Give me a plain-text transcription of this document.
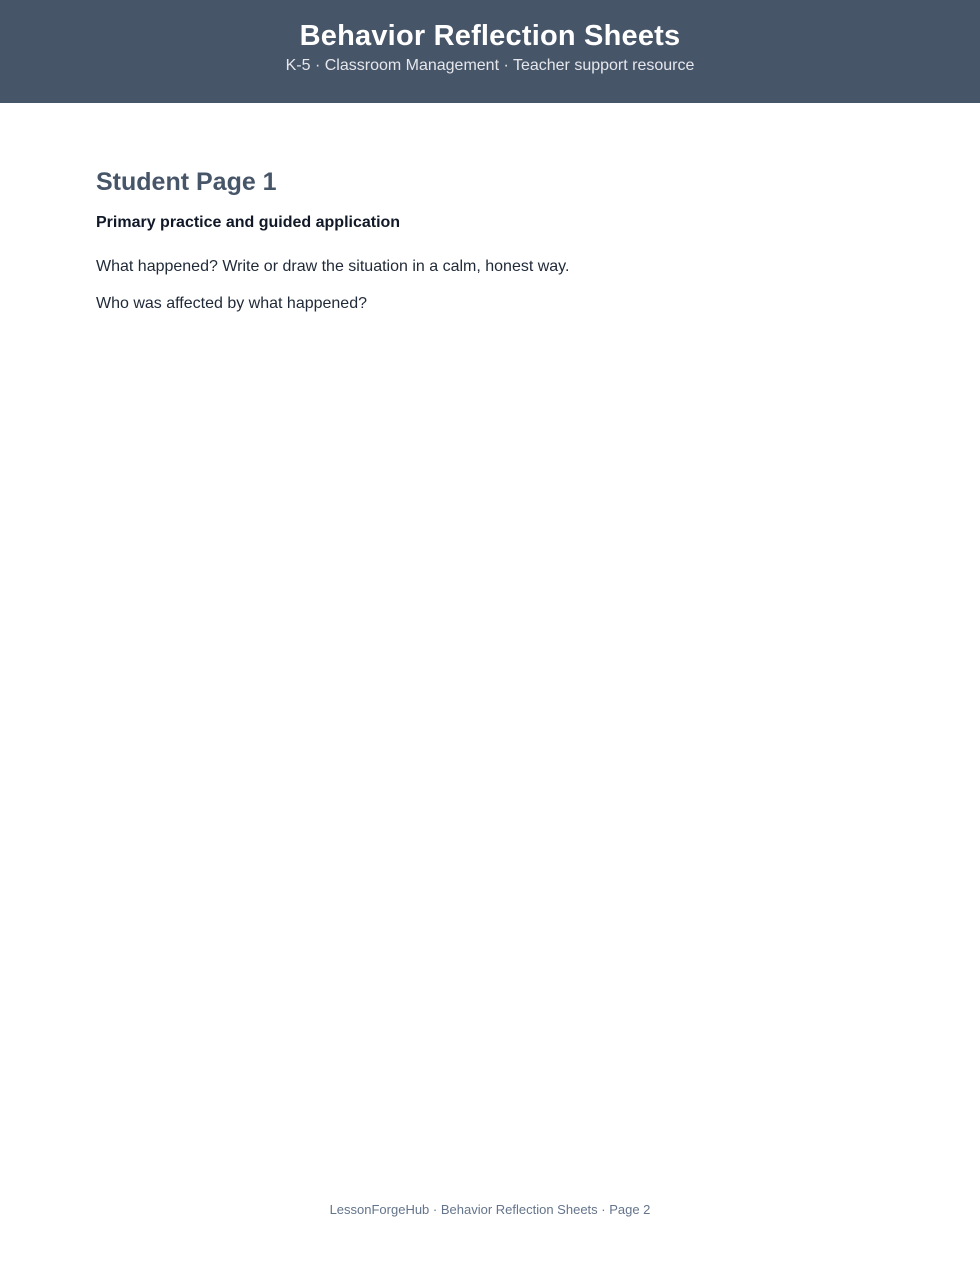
Behavior Reflection Sheets
K-5 · Classroom Management · Teacher support resource
Student Page 1
Primary practice and guided application

What happened? Write or draw the situation in a calm, honest way.

Who was affected by what happened?

LessonForgeHub · Behavior Reflection Sheets · Page 2
